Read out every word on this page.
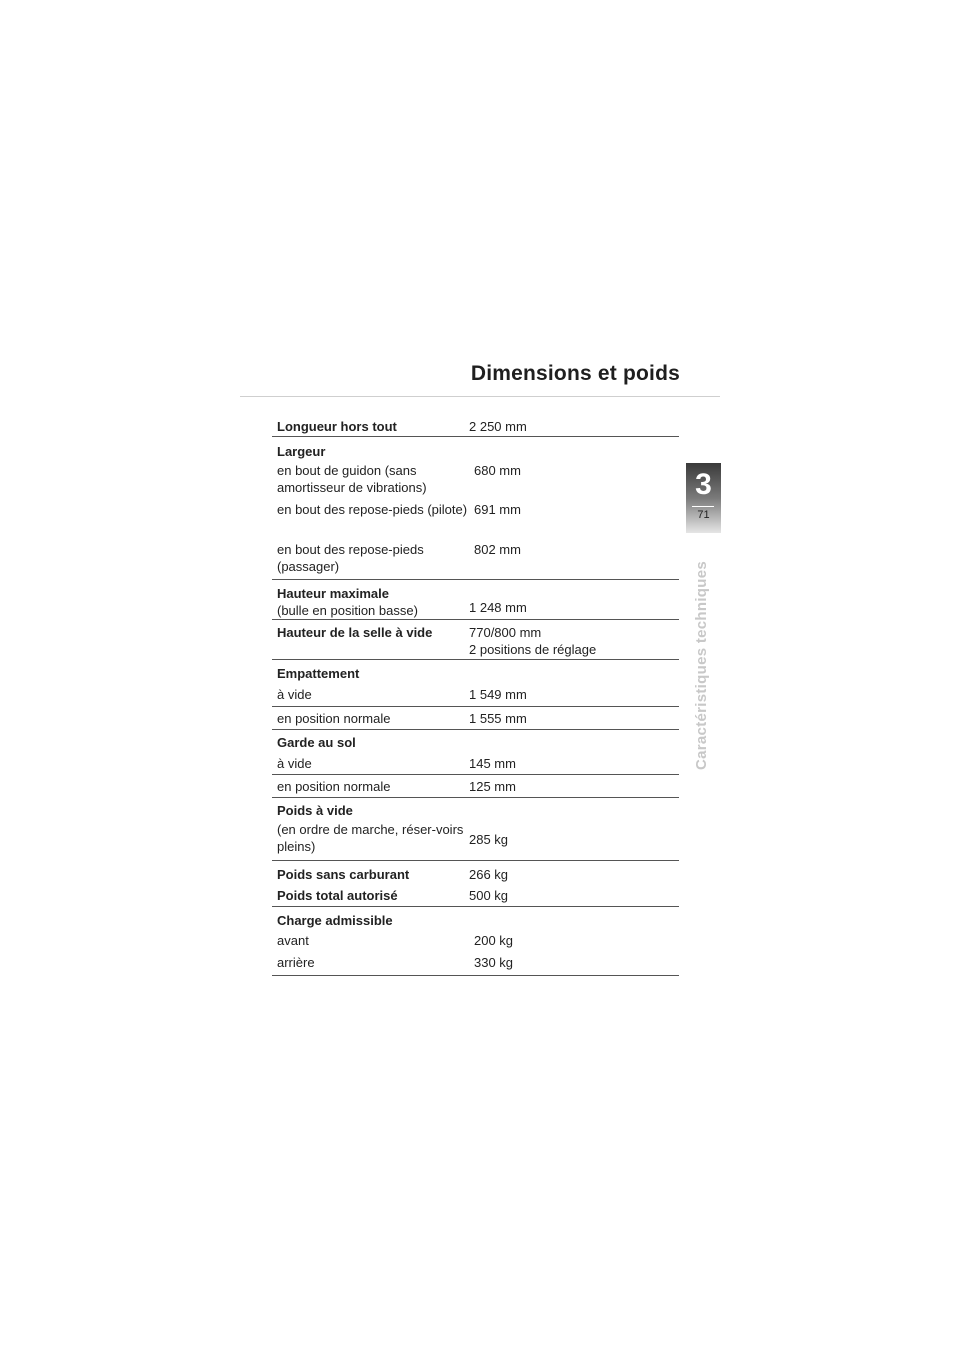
Dimensions et poids
3
71
Caractéristiques techniques
Longueur hors tout	2 250 mm
Largeur	
en bout de guidon (sans amortisseur de vibrations)	680 mm
en bout des repose-pieds (pilote)	691 mm
en bout des repose-pieds (passager)	802 mm

Hauteur maximale
(bulle en position basse)	1 248 mm
Hauteur de la selle à vide	770/800 mm
2 positions de réglage

Empattement	
à vide	1 549 mm
en position normale	1 555 mm
Garde au sol	
à vide	145 mm
en position normale	125 mm
Poids à vide	
(en ordre de marche, réser-voirs pleins)	285 kg
Poids sans carburant	266 kg
Poids total autorisé	500 kg
Charge admissible	
avant	200 kg
arrière	330 kg
